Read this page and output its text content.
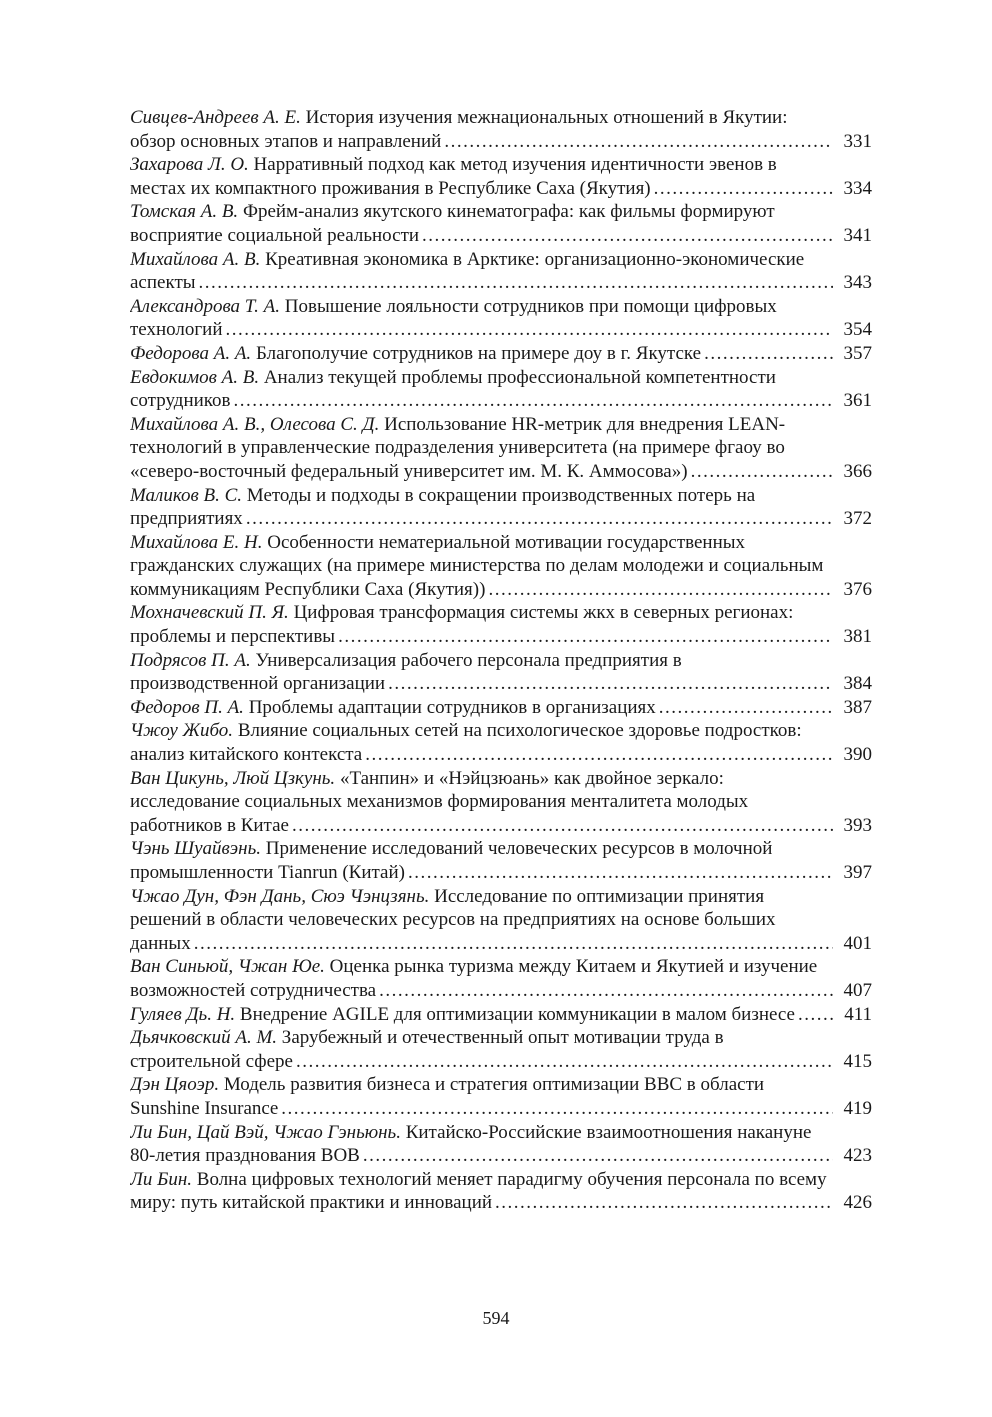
Сивцев-Андреев А. Е. История изучения межнациональных отношений в Якутии: обзор основных этапов и направлений .....	331
Захарова Л. О. Нарративный подход как метод изучения идентичности эвенов в местах их компактного проживания в Республике Саха (Якутия) .....	334
Томская А. В. Фрейм-анализ якутского кинематографа: как фильмы формируют восприятие социальной реальности .....	341
Михайлова А. В. Креативная экономика в Арктике: организационно-экономические аспекты .....	343
Александрова Т. А. Повышение лояльности сотрудников при помощи цифровых технологий .....	354
Федорова А. А. Благополучие сотрудников на примере доу в г. Якутске .....	357
Евдокимов А. В. Анализ текущей проблемы профессиональной компетентности сотрудников .....	361
Михайлова А. В., Олесова С. Д. Использование HR-метрик для внедрения LEAN-технологий в управленческие подразделения университета (на примере фгаоу во «северо-восточный федеральный университет им. М. К. Аммосова») .....	366
Маликов В. С. Методы и подходы в сокращении производственных потерь на предприятиях .....	372
Михайлова Е. Н. Особенности нематериальной мотивации государственных гражданских служащих (на примере министерства по делам молодежи и социальным коммуникациям Республики Саха (Якутия)) .....	376
Мохначевский П. Я. Цифровая трансформация системы жкх в северных регионах: проблемы и перспективы .....	381
Подрясов П. А. Универсализация рабочего персонала предприятия в производственной организации .....	384
Федоров П. А. Проблемы адаптации сотрудников в организациях .....	387
Чжоу Жибо. Влияние социальных сетей на психологическое здоровье подростков: анализ китайского контекста .....	390
Ван Цикунь, Люй Цзкунь. «Танпин» и «Нэйцзюань» как двойное зеркало: исследование социальных механизмов формирования менталитета молодых работников в Китае .....	393
Чэнь Шуайвэнь. Применение исследований человеческих ресурсов в молочной промышленности Tianrun (Китай) .....	397
Чжао Дун, Фэн Дань, Сюэ Чэнцзянь. Исследование по оптимизации принятия решений в области человеческих ресурсов на предприятиях на основе больших данных .....	401
Ван Синьюй, Чжан Юе. Оценка рынка туризма между Китаем и Якутией и изучение возможностей сотрудничества .....	407
Гуляев Дь. Н. Внедрение AGILE для оптимизации коммуникации в малом бизнесе .....	411
Дьячковский А. М. Зарубежный и отечественный опыт мотивации труда в строительной сфере .....	415
Дэн Цяоэр. Модель развития бизнеса и стратегия оптимизации BBC в области Sunshine Insurance .....	419
Ли Бин, Цай Вэй, Чжао Гэньюнь. Китайско-Российские взаимоотношения накануне 80-летия празднования ВОВ .....	423
Ли Бин. Волна цифровых технологий меняет парадигму обучения персонала по всему миру: путь китайской практики и инноваций .....	426
594
